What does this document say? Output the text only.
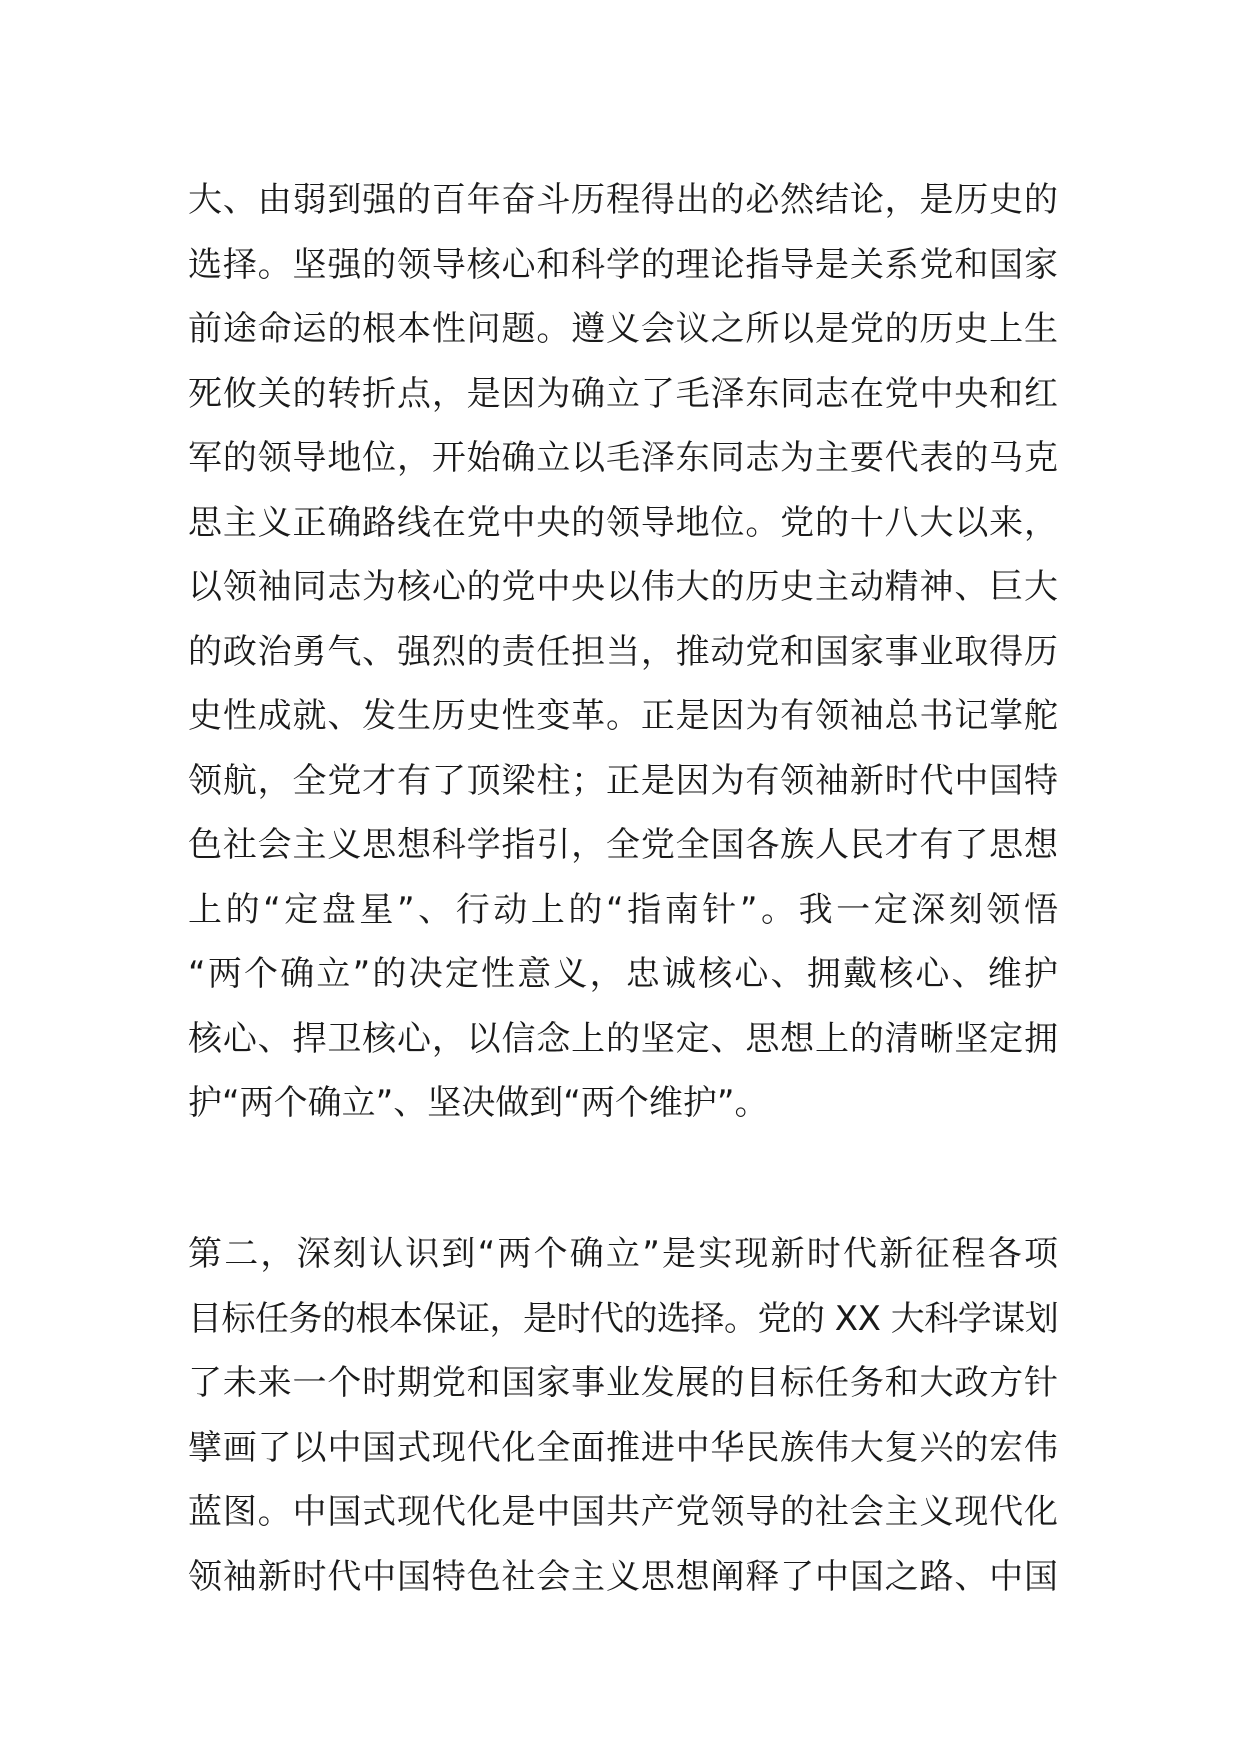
大、由弱到强的百年奋斗历程得出的必然结论，是历史的
选择。坚强的领导核心和科学的理论指导是关系党和国家
前途命运的根本性问题。遵义会议之所以是党的历史上生
死攸关的转折点，是因为确立了毛泽东同志在党中央和红
军的领导地位，开始确立以毛泽东同志为主要代表的马克
思主义正确路线在党中央的领导地位。党的十八大以来，
以领袖同志为核心的党中央以伟大的历史主动精神、巨大
的政治勇气、强烈的责任担当，推动党和国家事业取得历
史性成就、发生历史性变革。正是因为有领袖总书记掌舵
领航，全党才有了顶梁柱；正是因为有领袖新时代中国特
色社会主义思想科学指引，全党全国各族人民才有了思想
上的“定盘星”、行动上的“指南针”。我一定深刻领悟
“两个确立”的决定性意义，忠诚核心、拥戴核心、维护
核心、捍卫核心，以信念上的坚定、思想上的清晰坚定拥
护“两个确立”、坚决做到“两个维护”。
第二，深刻认识到“两个确立”是实现新时代新征程各项
目标任务的根本保证，是时代的选择。党的 XX 大科学谋划
了未来一个时期党和国家事业发展的目标任务和大政方针
擘画了以中国式现代化全面推进中华民族伟大复兴的宏伟
蓝图。中国式现代化是中国共产党领导的社会主义现代化
领袖新时代中国特色社会主义思想阐释了中国之路、中国
